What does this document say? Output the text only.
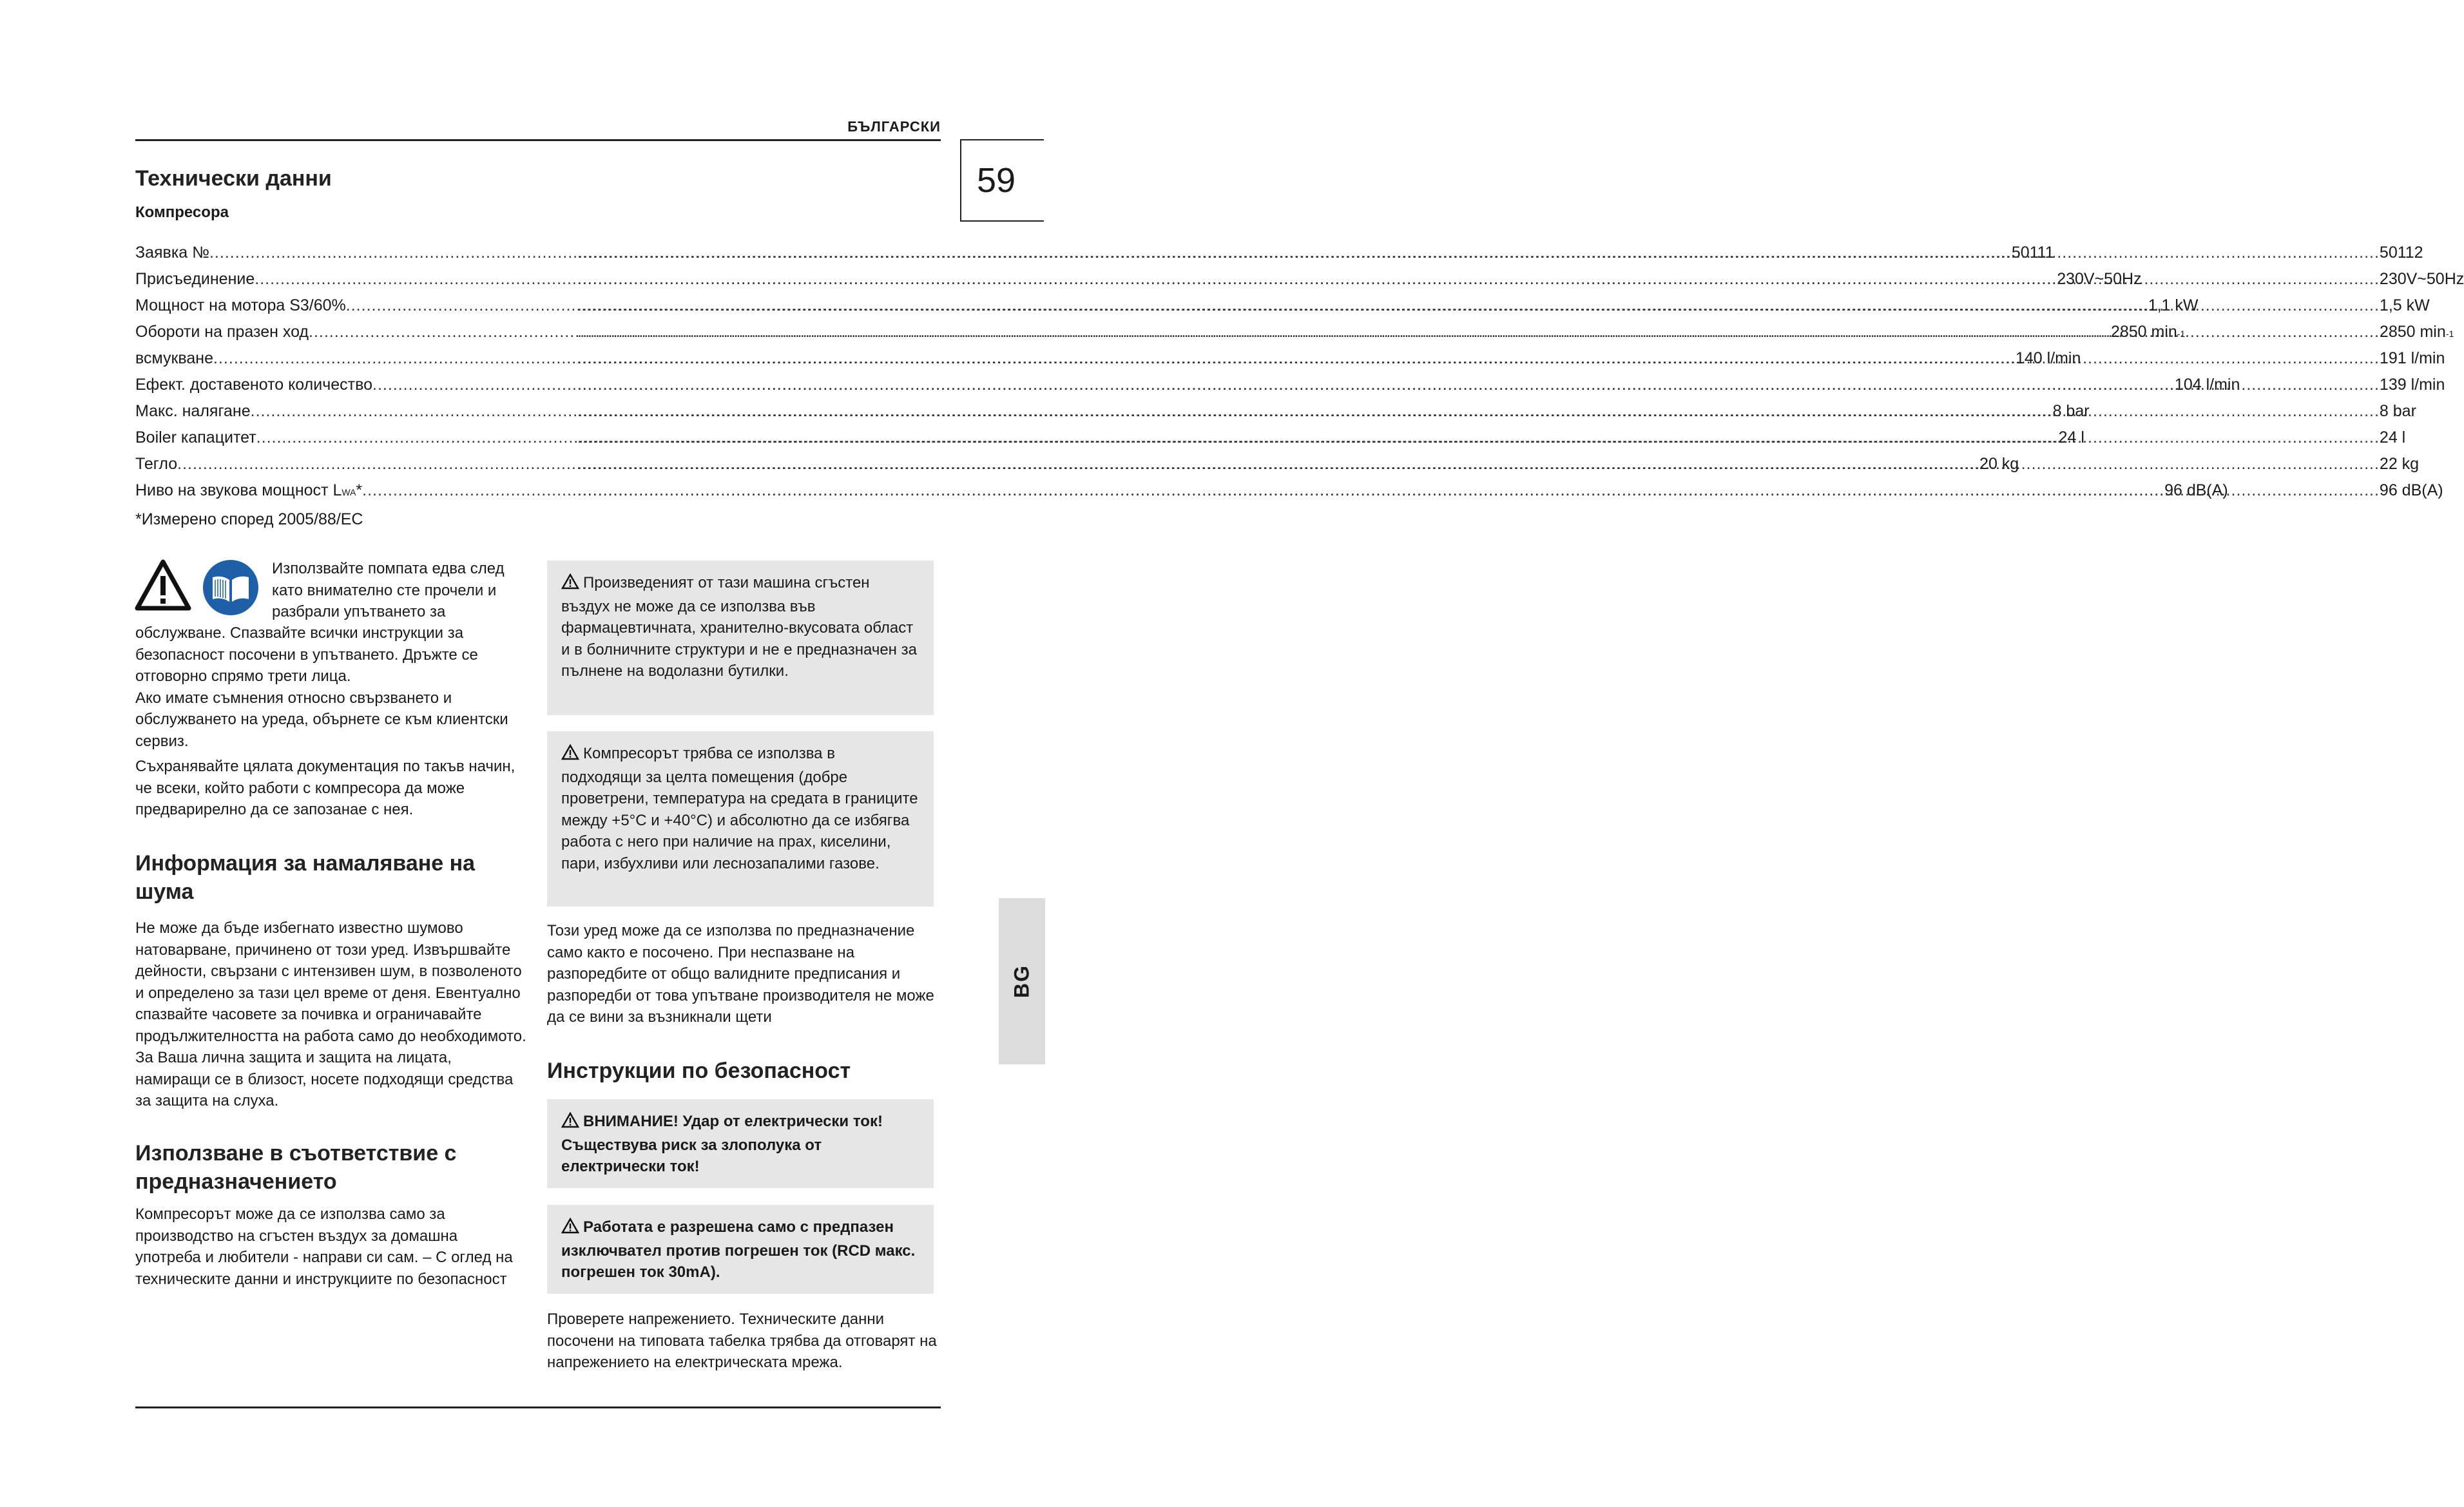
БЪЛГАРСКИ
59
BG
Технически данни
Компресора
Заявка № .....	50111 .....	50112
Присъединение .....	230V~50Hz .....	230V~50Hz
Мощност на мотора S3/60% .....	1,1 kW .....	1,5 kW
Обороти на празен ход .....	2850 min -1 .....	2850 min -1
всмукване .....	140 l/min .....	191 l/min
Ефект. доставеното количество .....	104 l/min .....	139 l/min
Макс. налягане .....	8 bar .....	8 bar
Boiler капацитет .....	24 l .....	24 l
Тегло .....	20 kg .....	22 kg
Ниво на звукова мощност L WA * .....	96 dB(A) .....	96 dB(A)
*Измерено според 2005/88/EC
Използвайте помпата едва след
като внимателно сте прочели и
разбрали упътването за

обслужване. Спазвайте всички инструкции за безопасност посочени в упътването. Дръжте се отговорно спрямо трети лица.

Ако имате съмнения относно свързването и обслужването на уреда, обърнете се към клиентски сервиз.

Съхранявайте цялата документация по такъв начин, че всеки, който работи с компресора да може предварирелно да се запозанае с нея.

Информация за намаляване на шума

Не може да бъде избегнато известно шумово натоварване, причинено от този уред. Извършвайте дейности, свързани с интензивен шум, в позволеното и определено за тази цел време от деня. Евентуално спазвайте часовете за почивка и ограничавайте продължителността на работа само до необходимото. За Ваша лична защита и защита на лицата, намиращи се в близост, носете подходящи средства за защита на слуха.

Използване в съответствие с предназначението

Компресорът може да се използва само за производство на сгъстен въздух за домашна употреба и любители - направи си сам. – С оглед на техническите данни и инструкциите по безопасност

Произведеният от тази машина сгъстен въздух не може да се използва във фармацевтичната, хранително-вкусовата област и в болничните структури и не е предназначен за пълнене на водолазни бутилки.

Компресорът трябва се използва в подходящи за целта помещения (добре проветрени, температура на средата в границите между +5°C и +40°C) и абсолютно да се избягва работа с него при наличие на прах, киселини, пари, избухливи или леснозапалими газове.

Този уред може да се използва по предназначение само както е посочено. При неспазване на разпоредбите от общо валидните предписания и разпоредби от това упътване производителя не може да се вини за възникнали щети

Инструкции по безопасност

ВНИМАНИЕ! Удар от електрически ток! Съществува риск за злополука от електрически ток!

Работата е разрешена само с предпазен изключвател против погрешен ток (RCD макс. погрешен ток 30mA).

Проверете напрежението. Техническите данни посочени на типовата табелка трябва да отговарят на напрежението на електрическата мрежа.
